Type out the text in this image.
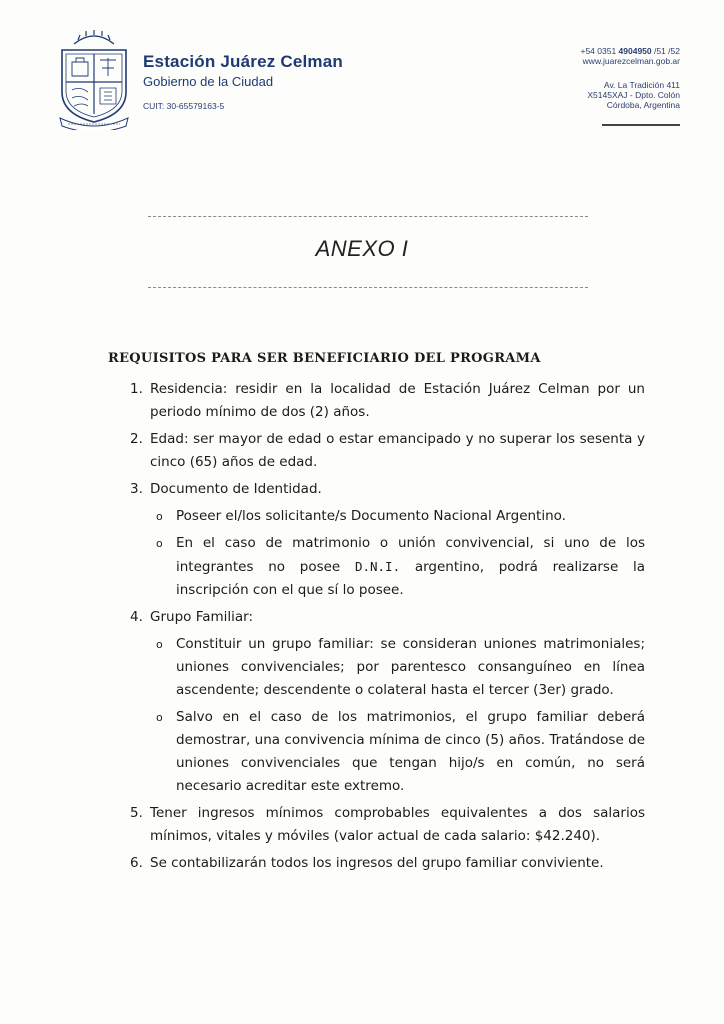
Estación Juárez Celman
Gobierno de la Ciudad
CUIT: 30-65579163-5
+54 0351 4904950 /51 /52
www.juarezcelman.gob.ar
Av. La Tradición 411
X5145XAJ - Dpto. Colón
Córdoba, Argentina
ANEXO I
REQUISITOS PARA SER BENEFICIARIO DEL PROGRAMA
1. Residencia: residir en la localidad de Estación Juárez Celman por un periodo mínimo de dos (2) años.
2. Edad: ser mayor de edad o estar emancipado y no superar los sesenta y cinco (65) años de edad.
3. Documento de Identidad.
o Poseer el/los solicitante/s Documento Nacional Argentino.
o En el caso de matrimonio o unión convivencial, si uno de los integrantes no posee D.N.I. argentino, podrá realizarse la inscripción con el que sí lo posee.
4. Grupo Familiar:
o Constituir un grupo familiar: se consideran uniones matrimoniales; uniones convivenciales; por parentesco consanguíneo en línea ascendente; descendente o colateral hasta el tercer (3er) grado.
o Salvo en el caso de los matrimonios, el grupo familiar deberá demostrar, una convivencia mínima de cinco (5) años. Tratándose de uniones convivenciales que tengan hijo/s en común, no será necesario acreditar este extremo.
5. Tener ingresos mínimos comprobables equivalentes a dos salarios mínimos, vitales y móviles (valor actual de cada salario: $42.240).
6. Se contabilizarán todos los ingresos del grupo familiar conviviente.
